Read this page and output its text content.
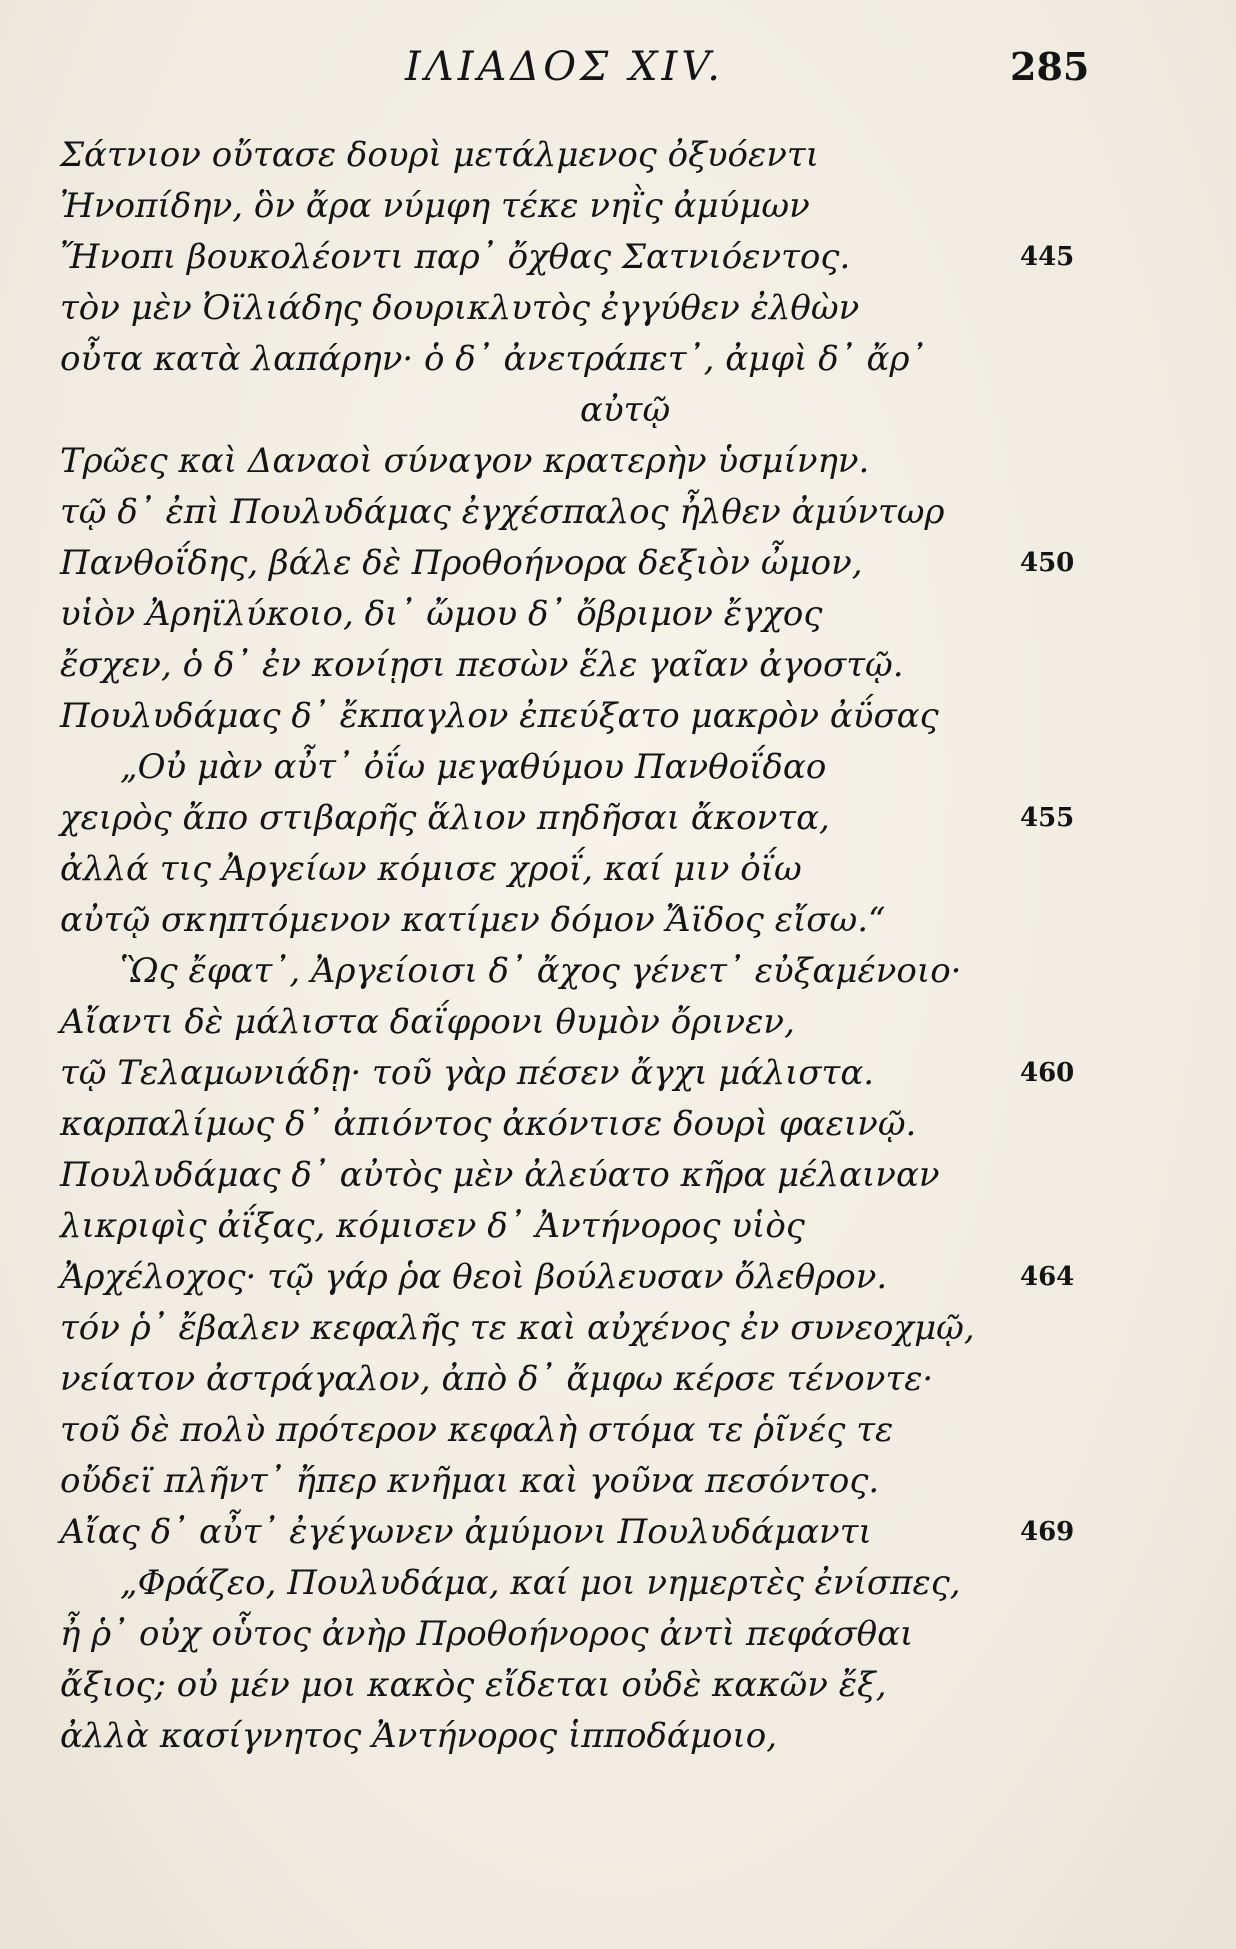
ΙΛΙΑΔΟΣ XIV.	285
Σάτνιον οὔτασε δουρὶ μετάλμενος ὀξυόεντι
Ἠνοπίδην, ὃν ἄρα νύμφη τέκε νηῒς ἀμύμων
Ἤνοπι βουκολέοντι παρ᾽ ὄχθας Σατνιόεντος.	445
τὸν μὲν Ὀϊλιάδης δουρικλυτὸς ἐγγύθεν ἐλθὼν
οὖτα κατὰ λαπάρην· ὁ δ᾽ ἀνετράπετ᾽, ἀμφὶ δ᾽ ἄρ᾽
αὐτῷ
Τρῶες καὶ Δαναοὶ σύναγον κρατερὴν ὑσμίνην.
τῷ δ᾽ ἐπὶ Πουλυδάμας ἐγχέσπαλος ἦλθεν ἀμύντωρ
Πανθοΐδης, βάλε δὲ Προθοήνορα δεξιὸν ὦμον,	450
υἱὸν Ἀρηϊλύκοιο, δι᾽ ὤμου δ᾽ ὄβριμον ἔγχος
ἔσχεν, ὁ δ᾽ ἐν κονίῃσι πεσὼν ἕλε γαῖαν ἀγοστῷ.
Πουλυδάμας δ᾽ ἔκπαγλον ἐπεύξατο μακρὸν ἀΰσας
„Οὐ μὰν αὖτ᾽ ὀΐω μεγαθύμου Πανθοΐδαο
χειρὸς ἄπο στιβαρῆς ἅλιον πηδῆσαι ἄκοντα,	455
ἀλλά τις Ἀργείων κόμισε χροΐ, καί μιν ὀΐω
αὐτῷ σκηπτόμενον κατίμεν δόμον Ἄϊδος εἴσω.“
Ὣς ἔφατ᾽, Ἀργείοισι δ᾽ ἄχος γένετ᾽ εὐξαμένοιο·
Αἴαντι δὲ μάλιστα δαΐφρονι θυμὸν ὄρινεν,
τῷ Τελαμωνιάδῃ· τοῦ γὰρ πέσεν ἄγχι μάλιστα.	460
καρπαλίμως δ᾽ ἀπιόντος ἀκόντισε δουρὶ φαεινῷ.
Πουλυδάμας δ᾽ αὐτὸς μὲν ἀλεύατο κῆρα μέλαιναν
λικριφὶς ἀΐξας, κόμισεν δ᾽ Ἀντήνορος υἱὸς
Ἀρχέλοχος· τῷ γάρ ῥα θεοὶ βούλευσαν ὄλεθρον.	464
τόν ῥ᾽ ἔβαλεν κεφαλῆς τε καὶ αὐχένος ἐν συνεοχμῷ,
νείατον ἀστράγαλον, ἀπὸ δ᾽ ἄμφω κέρσε τένοντε·
τοῦ δὲ πολὺ πρότερον κεφαλὴ στόμα τε ῥῖνές τε
οὔδεϊ πλῆντ᾽ ἤπερ κνῆμαι καὶ γοῦνα πεσόντος.
Αἴας δ᾽ αὖτ᾽ ἐγέγωνεν ἀμύμονι Πουλυδάμαντι	469
„Φράζεο, Πουλυδάμα, καί μοι νημερτὲς ἐνίσπες,
ἦ ῥ᾽ οὐχ οὗτος ἀνὴρ Προθοήνορος ἀντὶ πεφάσθαι
ἄξιος; οὐ μέν μοι κακὸς εἴδεται οὐδὲ κακῶν ἔξ,
ἀλλὰ κασίγνητος Ἀντήνορος ἱπποδάμοιο,
